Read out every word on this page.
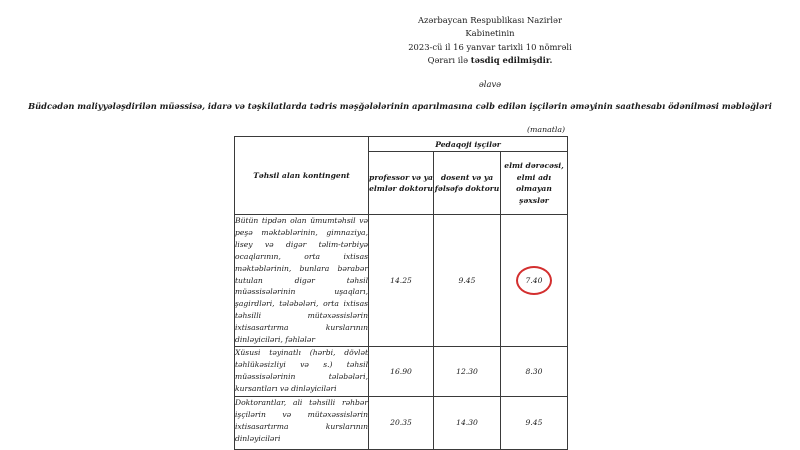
Azərbaycan Respublikası Nazirlər
Kabinetinin
2023-cü il 16 yanvar tarixli 10 nömrəli
Qərarı ilə təsdiq edilmişdir.
əlavə
Büdcədən maliyyələşdirilən müəssisə, idarə və təşkilatlarda tədris məşğələlərinin aparılmasına cəlb edilən işçilərin əməyinin saathesabı ödənilməsi məbləğləri
(manatla)
Təhsil alan kontingent	Pedaqoji işçilər		
	professor və ya elmlər doktoru	dosent və ya fəlsəfə doktoru	elmi dərəcəsi, elmi adı olmayan şəxslər
Bütün tipdən olan ümumtəhsil və peşə məktəblərinin, gimnaziya, lisey və digər təlim-tərbiyə ocaqlarının, orta ixtisas məktəblərinin, bunlara bərabər tutulan digər təhsil müəssisələrinin uşaqları, şagirdləri, tələbələri, orta ixtisas təhsilli mütəxəssislərin ixtisasartırma kurslarının dinləyiciləri, fəhlələr	14.25	9.45	7.40

Xüsusi təyinatlı (hərbi, dövlət təhlükəsizliyi və s.) təhsil müəssisələrinin tələbələri, kursantları və dinləyiciləri	16.90	12.30	8.30
Doktorantlar, ali təhsilli rəhbər işçilərin və mütəxəssislərin ixtisasartırma kurslarının dinləyiciləri	20.35	14.30	9.45
